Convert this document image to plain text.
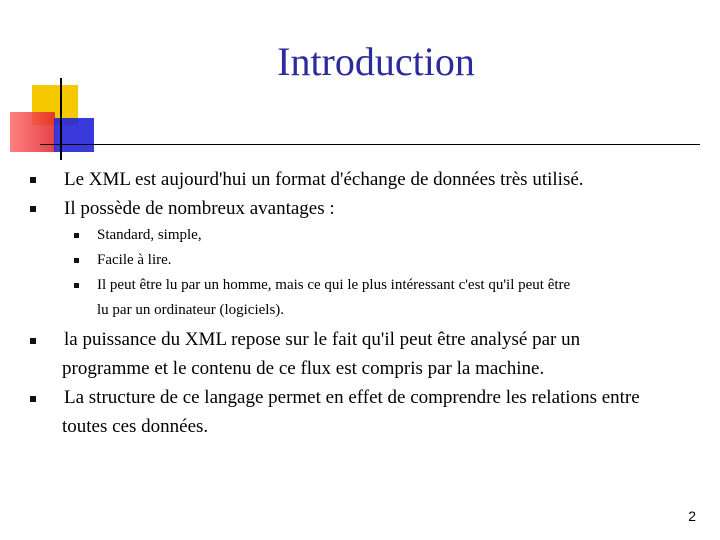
Introduction
Le XML est aujourd'hui un format d'échange de données très utilisé.
Il possède de nombreux avantages :
Standard, simple,
Facile à lire.
Il peut être lu par un homme, mais ce qui le plus intéressant c'est qu'il peut être
lu par un ordinateur (logiciels).
la puissance du XML repose sur le fait qu'il peut être analysé par un
programme et le contenu de ce flux est compris par la machine.
La structure de ce langage permet en effet de comprendre les relations entre
toutes ces données.
2
